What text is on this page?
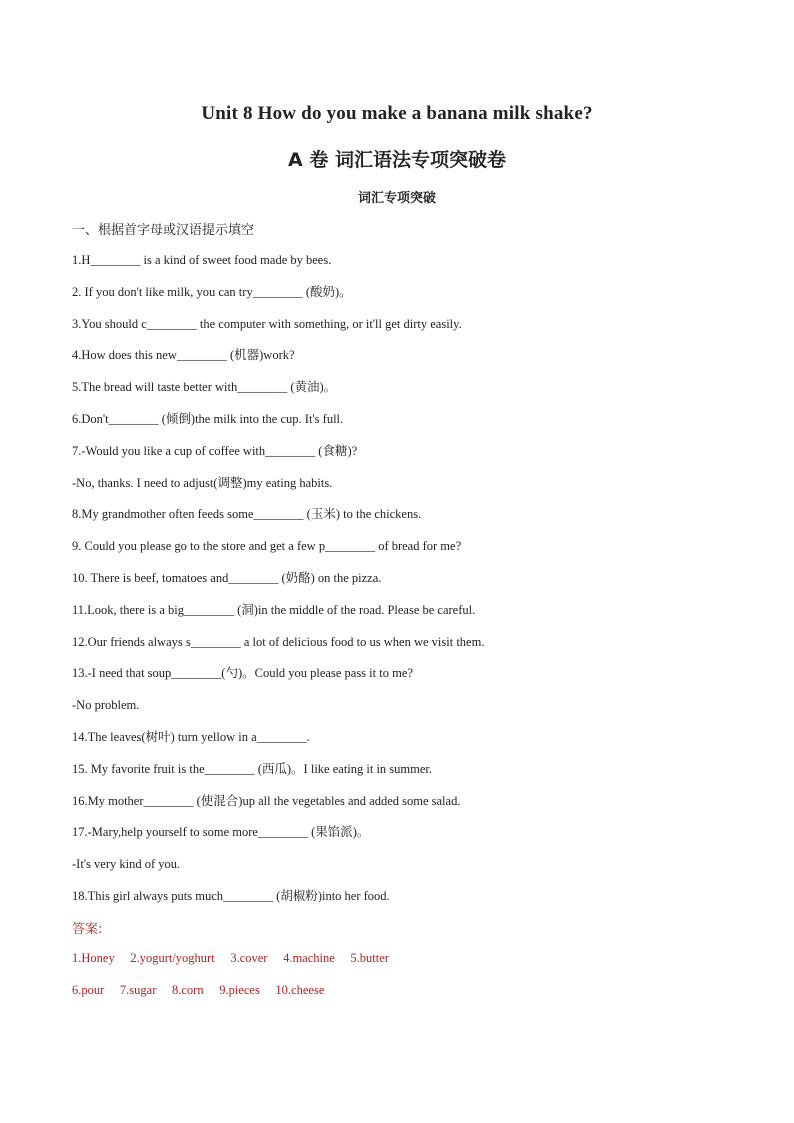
Unit 8 How do you make a banana milk shake?
A 卷 词汇语法专项突破卷
词汇专项突破
一、根据首字母或汉语提示填空
1.H________ is a kind of sweet food made by bees.
2. If you don't like milk, you can try________ (酸奶)。
3.You should c________ the computer with something, or it'll get dirty easily.
4.How does this new________ (机器)work?
5.The bread will taste better with________ (黄油)。
6.Don't________ (倾倒)the milk into the cup. It's full.
7.-Would you like a cup of coffee with________ (食糖)?
-No, thanks. I need to adjust(调整)my eating habits.
8.My grandmother often feeds some________ (玉米) to the chickens.
9. Could you please go to the store and get a few p________ of bread for me?
10. There is beef, tomatoes and________ (奶酪) on the pizza.
11.Look, there is a big________ (洞)in the middle of the road. Please be careful.
12.Our friends always s________ a lot of delicious food to us when we visit them.
13.-I need that soup________(勺)。Could you please pass it to me?
-No problem.
14.The leaves(树叶) turn yellow in a________.
15. My favorite fruit is the________ (西瓜)。I like eating it in summer.
16.My mother________ (使混合)up all the vegetables and added some salad.
17.-Mary,help yourself to some more________ (果馅派)。
-It's very kind of you.
18.This girl always puts much________ (胡椒粉)into her food.
答案:
1.Honey     2.yogurt/yoghurt     3.cover     4.machine     5.butter
6.pour     7.sugar     8.corn     9.pieces     10.cheese
